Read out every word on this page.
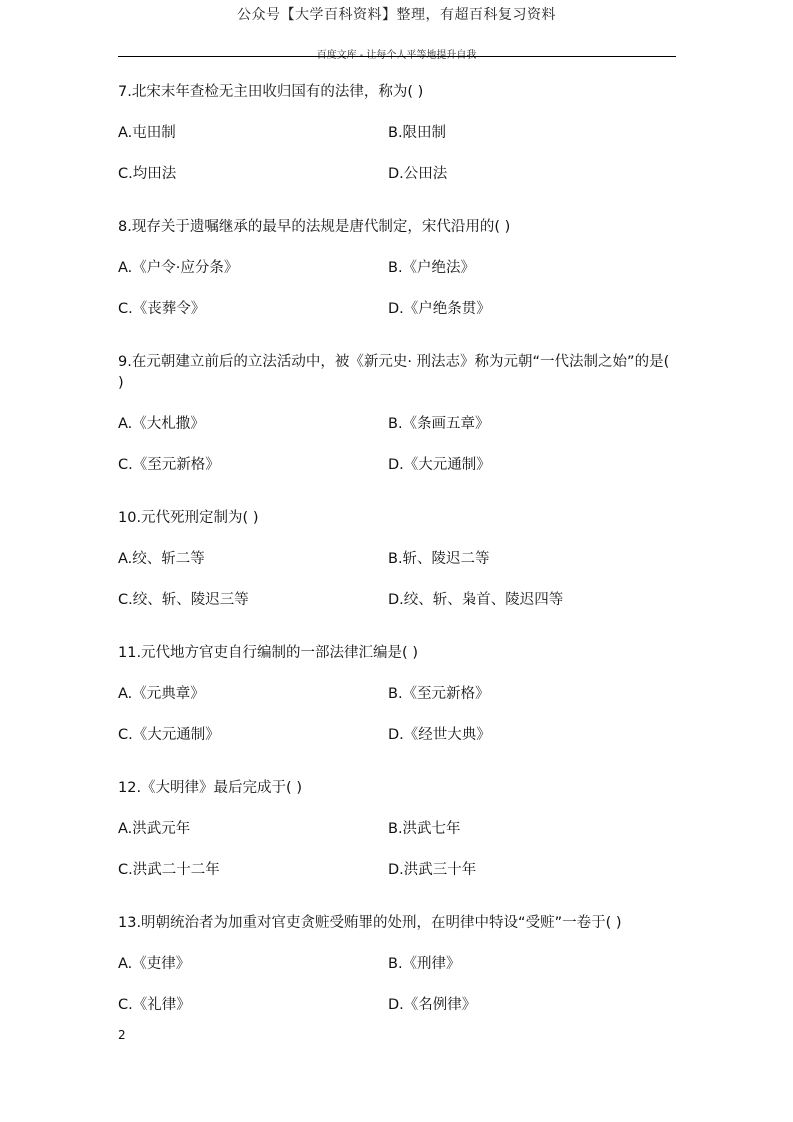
公众号【大学百科资料】整理，有超百科复习资料
百度文库 - 让每个人平等地提升自我

7.北宋末年查检无主田收归国有的法律，称为( )

A.屯田制	B.限田制
C.均田法	D.公田法

8.现存关于遗嘱继承的最早的法规是唐代制定，宋代沿用的( )

A.《户令·应分条》	B.《户绝法》
C.《丧葬令》	D.《户绝条贯》

9.在元朝建立前后的立法活动中，被《新元史· 刑法志》称为元朝“一代法制之始”的是( )

A.《大札撒》	B.《条画五章》
C.《至元新格》	D.《大元通制》

10.元代死刑定制为( )

A.绞、斩二等	B.斩、陵迟二等
C.绞、斩、陵迟三等	D.绞、斩、枭首、陵迟四等

11.元代地方官吏自行编制的一部法律汇编是( )

A.《元典章》	B.《至元新格》
C.《大元通制》	D.《经世大典》

12.《大明律》最后完成于( )

A.洪武元年	B.洪武七年
C.洪武二十二年	D.洪武三十年

13.明朝统治者为加重对官吏贪赃受贿罪的处刑，在明律中特设“受赃”一卷于( )

A.《吏律》	B.《刑律》
C.《礼律》	D.《名例律》
2
